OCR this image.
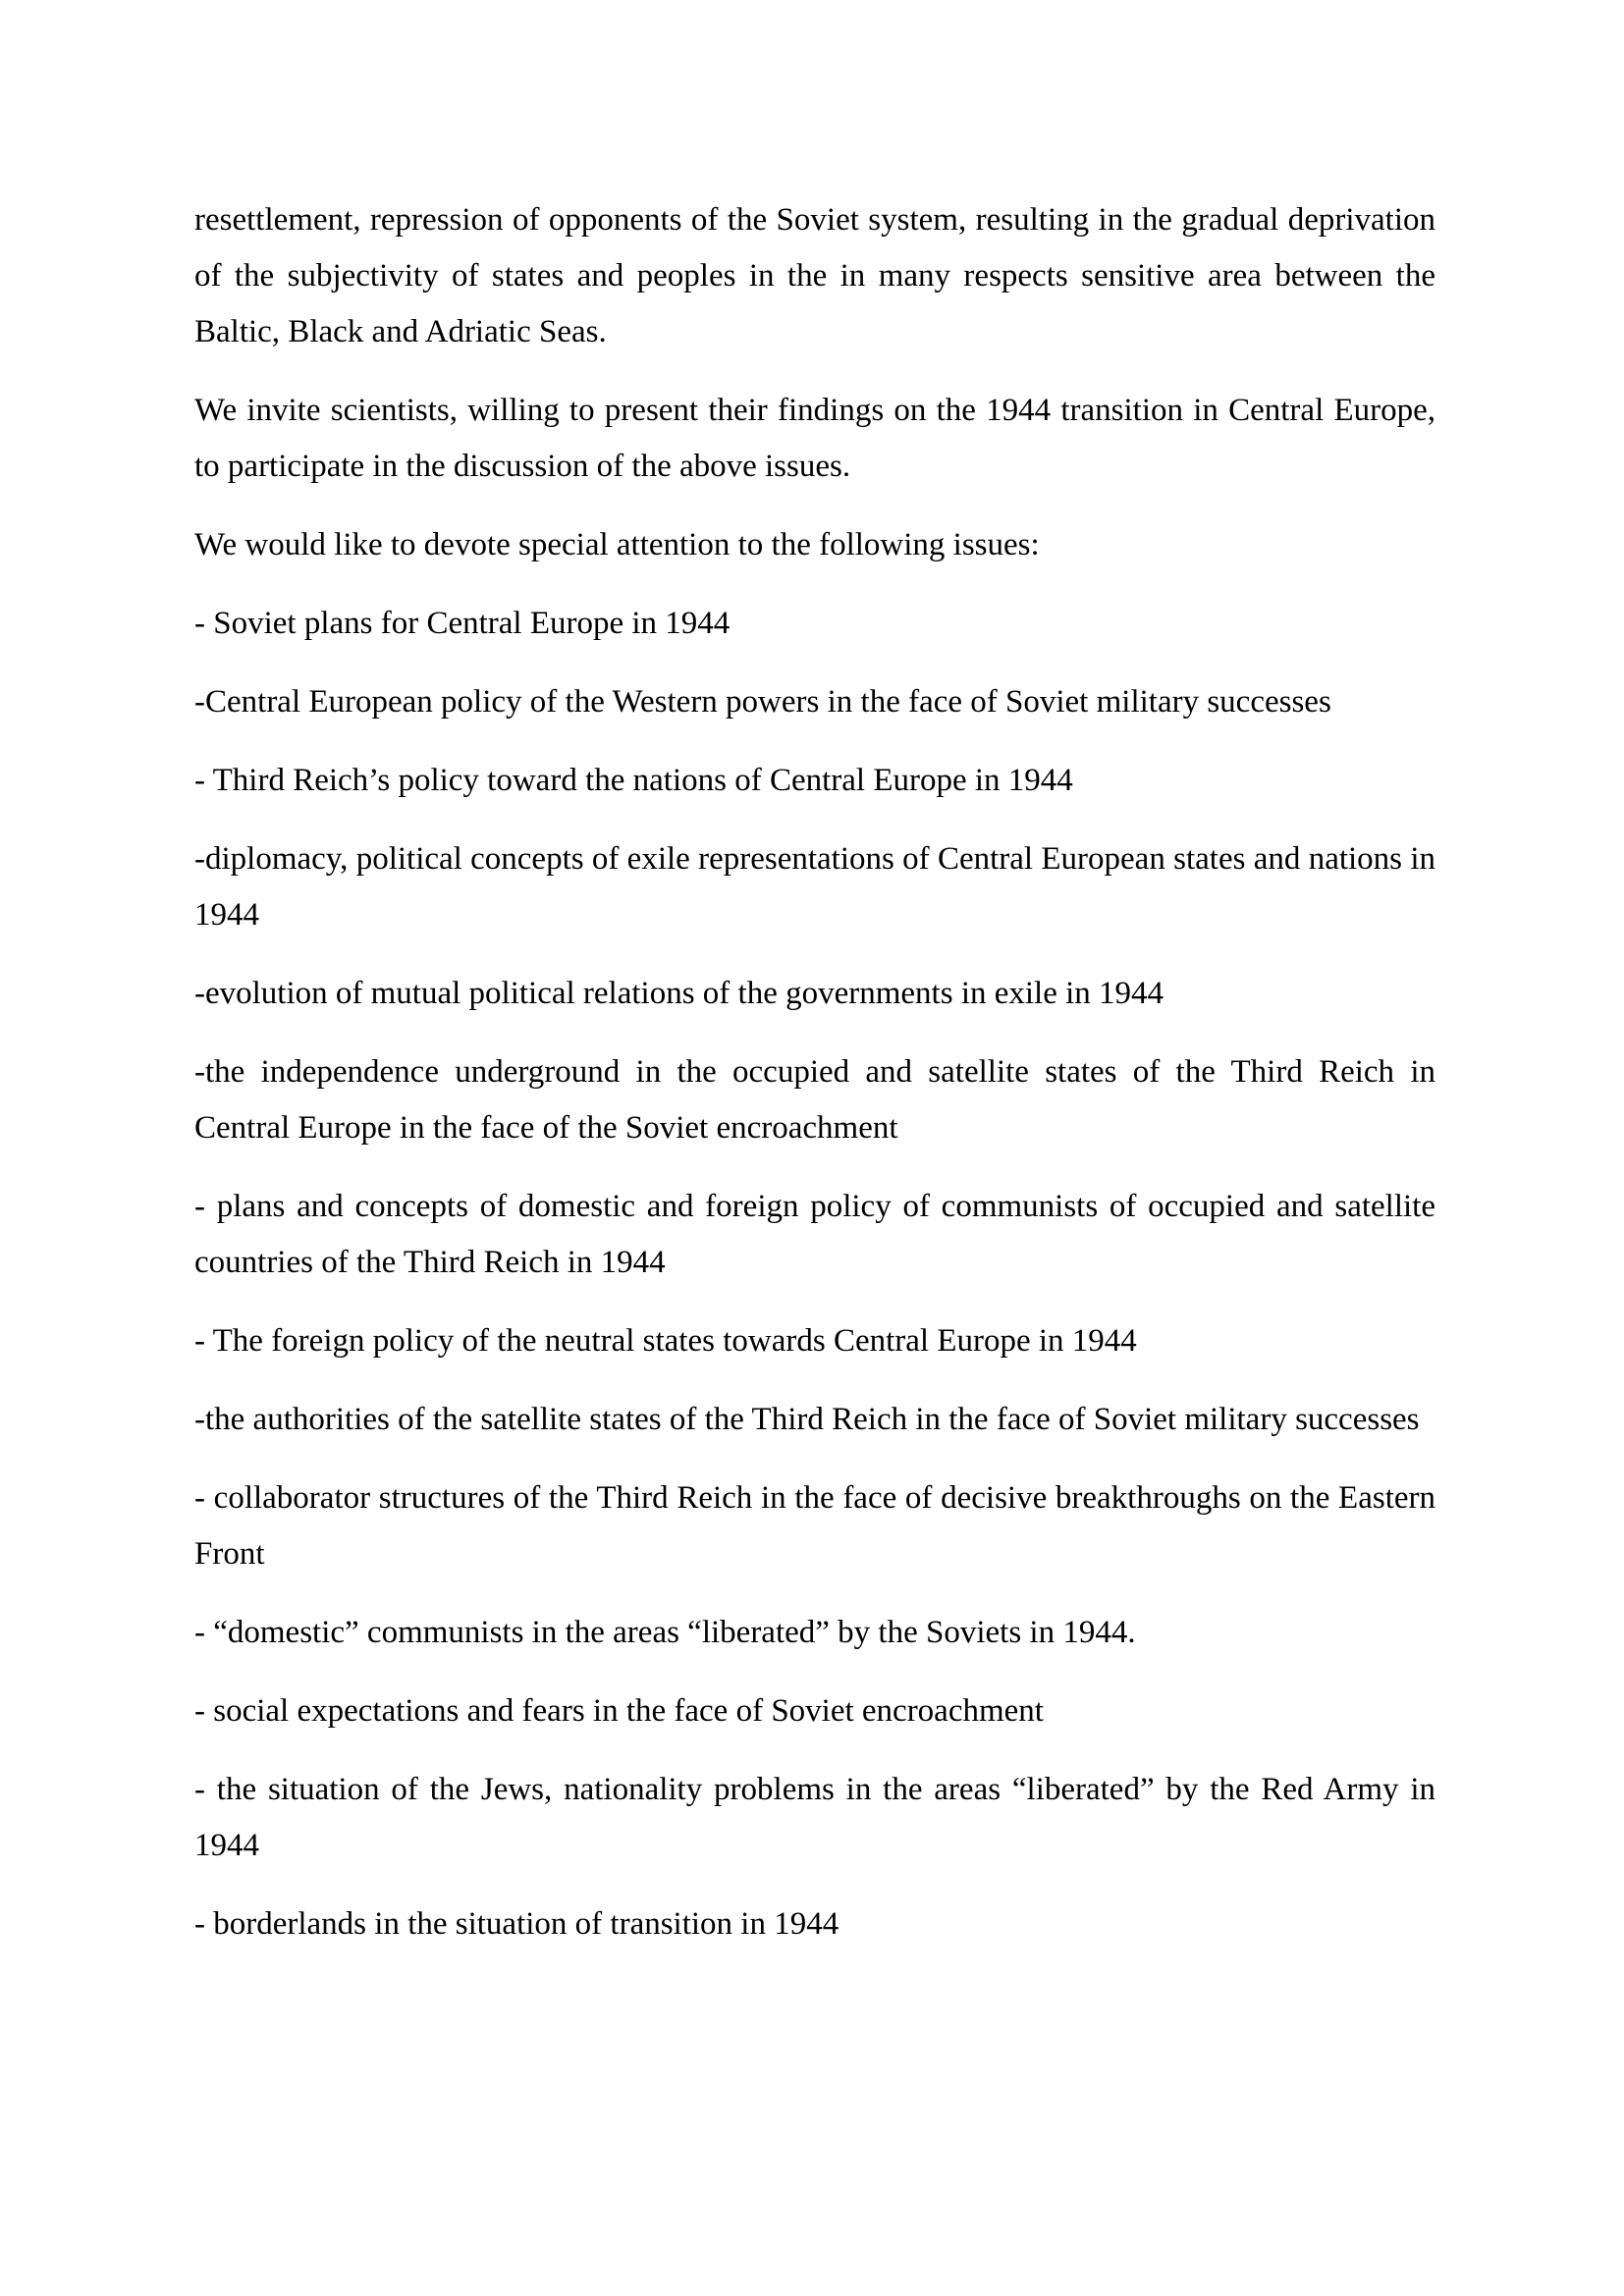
resettlement, repression of opponents of the Soviet system, resulting in the gradual deprivation of the subjectivity of states and peoples in the in many respects sensitive area between the Baltic, Black and Adriatic Seas.

We invite scientists, willing to present their findings on the 1944 transition in Central Europe, to participate in the discussion of the above issues.

We would like to devote special attention to the following issues:

- Soviet plans for Central Europe in 1944

-Central European policy of the Western powers in the face of Soviet military successes

- Third Reich’s policy toward the nations of Central Europe in 1944

-diplomacy, political concepts of exile representations of Central European states and nations in 1944

-evolution of mutual political relations of the governments in exile in 1944

-the independence underground in the occupied and satellite states of the Third Reich in Central Europe in the face of the Soviet encroachment

- plans and concepts of domestic and foreign policy of communists of occupied and satellite countries of the Third Reich in 1944

- The foreign policy of the neutral states towards Central Europe in 1944

-the authorities of the satellite states of the Third Reich in the face of Soviet military successes

- collaborator structures of the Third Reich in the face of decisive breakthroughs on the Eastern Front

- “domestic” communists in the areas “liberated” by the Soviets in 1944.

- social expectations and fears in the face of Soviet encroachment

- the situation of the Jews, nationality problems in the areas “liberated” by the Red Army in 1944

- borderlands in the situation of transition in 1944
